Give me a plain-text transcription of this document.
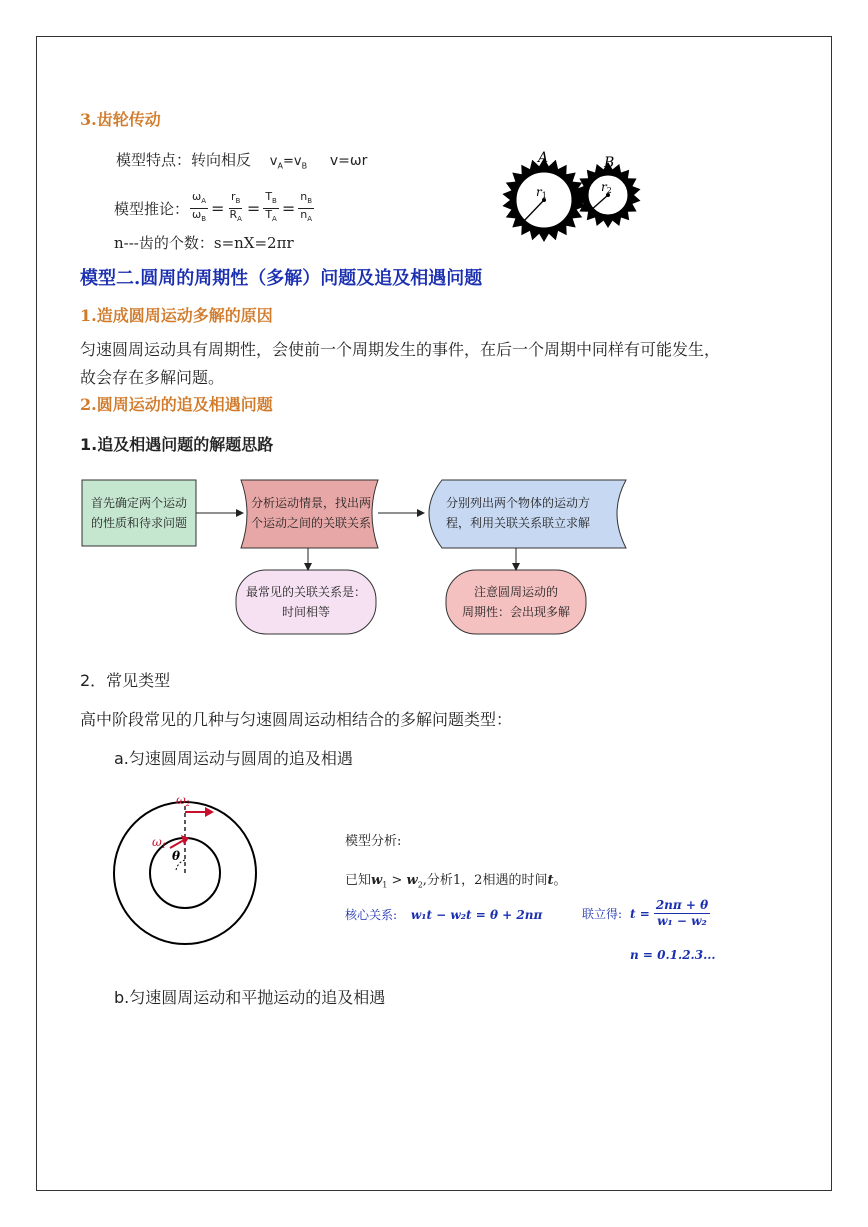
3.齿轮传动
模型特点：转向相反 $v_A=v_B$ v=ωr
模型推论： $\frac{\omega_A}{\omega_B} = \frac{r_B}{R_A} = \frac{T_B}{T_A} = \frac{n_B}{n_A}$
n---齿的个数：s=nX=2πr
A	B
r1
r2
模型二.圆周的周期性（多解）问题及追及相遇问题
1.造成圆周运动多解的原因
匀速圆周运动具有周期性，会使前一个周期发生的事件，在后一个周期中同样有可能发生，
故会存在多解问题。
2.圆周运动的追及相遇问题
1.追及相遇问题的解题思路
首先确定两个运动
的性质和待求问题
分析运动情景，找出两
个运动之间的关联关系
分别列出两个物体的运动方
程，利用关联关系联立求解
最常见的关联关系是：
时间相等
注意圆周运动的
周期性：会出现多解
2．常见类型
高中阶段常见的几种与匀速圆周运动相结合的多解问题类型：
a.匀速圆周运动与圆周的追及相遇
ω2
ω1
θ
模型分析:
已知$w_1 > w_2$,分析1，2相遇的时间t。
核心关系: w₁t − w₂t = θ + 2nπ	联立得: $t = \frac{2n\pi + \theta}{\text{w₁ − w₂}}$
n = 0.1.2.3...
b.匀速圆周运动和平抛运动的追及相遇
